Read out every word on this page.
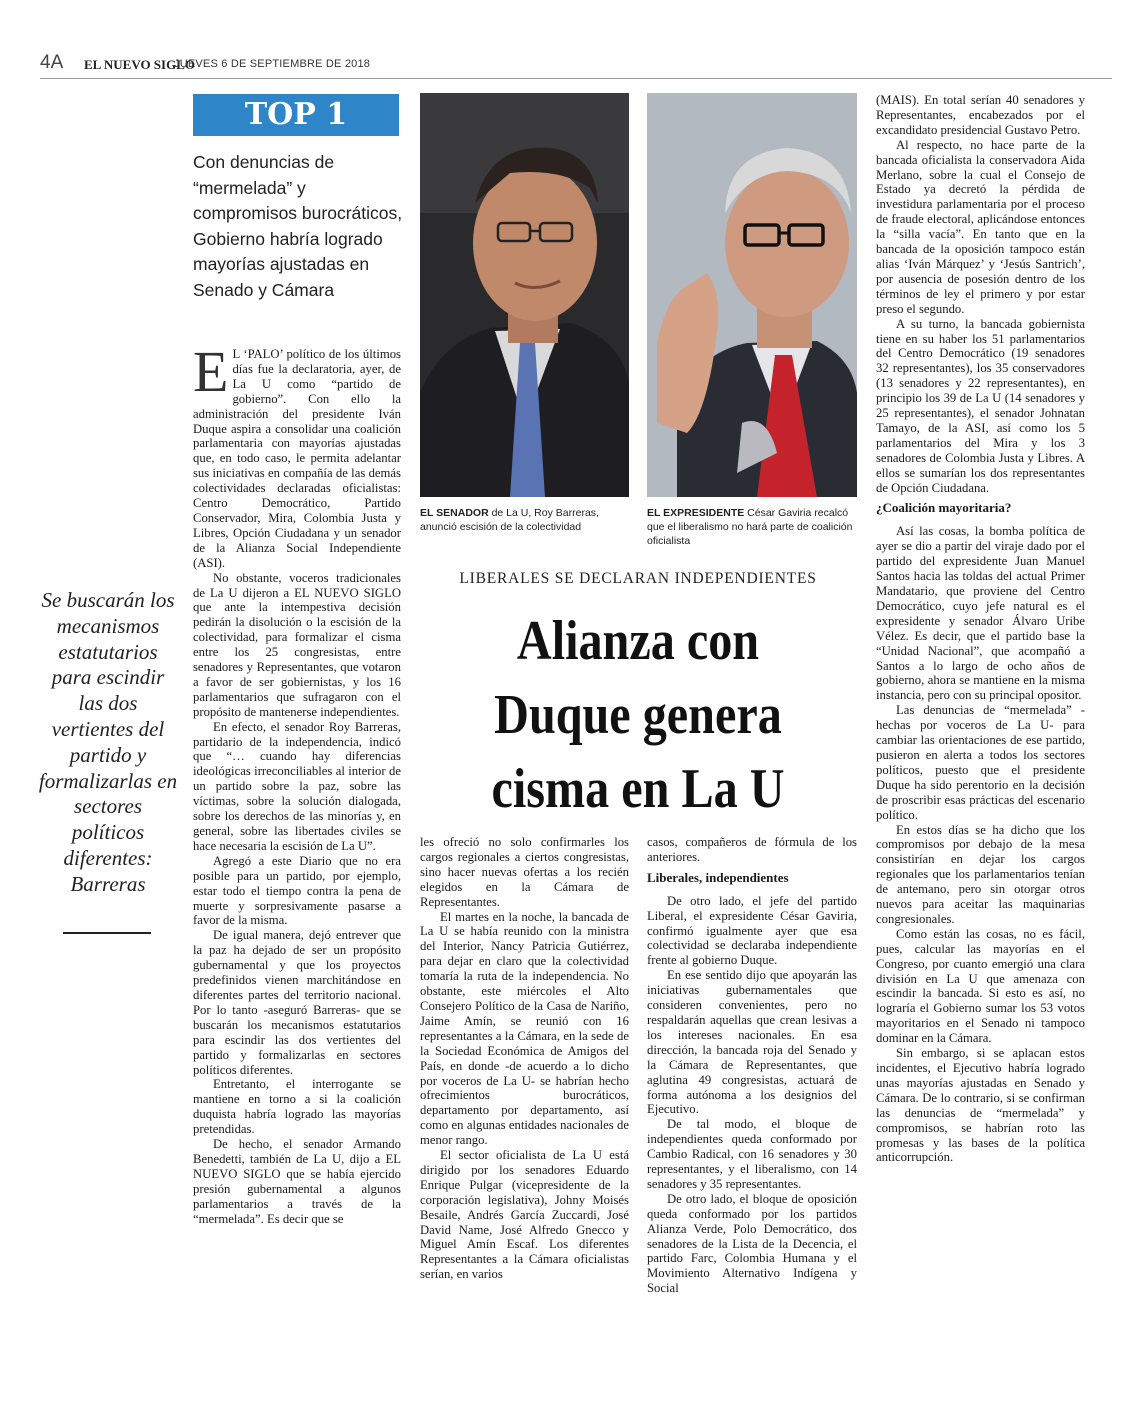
4A EL NUEVO SIGLO
JUEVES 6 DE SEPTIEMBRE DE 2018
TOP 1
Con denuncias de “mermelada” y compromisos burocráticos, Gobierno habría logrado mayorías ajustadas en Senado y Cámara

E L ‘PALO’ político de los últimos días fue la declaratoria, ayer, de La U como “partido de gobierno”. Con ello la administración del presidente Iván Duque aspira a consolidar una coalición parlamentaria con mayorías ajustadas que, en todo caso, le permita adelantar sus iniciativas en compañía de las demás colectividades declaradas oficialistas: Centro Democrático, Partido Conservador, Mira, Colombia Justa y Libres, Opción Ciudadana y un senador de la Alianza Social Independiente (ASI).

No obstante, voceros tradicionales de La U dijeron a EL NUEVO SIGLO que ante la intempestiva decisión pedirán la disolución o la escisión de la colectividad, para formalizar el cisma entre los 25 congresistas, entre senadores y Representantes, que votaron a favor de ser gobiernistas, y los 16 parlamentarios que sufragaron con el propósito de mantenerse independientes.

En efecto, el senador Roy Barreras, partidario de la independencia, indicó que “… cuando hay diferencias ideológicas irreconciliables al interior de un partido sobre la paz, sobre las víctimas, sobre la solución dialogada, sobre los derechos de las minorías y, en general, sobre las libertades civiles se hace necesaria la escisión de La U”.

Agregó a este Diario que no era posible para un partido, por ejemplo, estar todo el tiempo contra la pena de muerte y sorpresivamente pasarse a favor de la misma.

De igual manera, dejó entrever que la paz ha dejado de ser un propósito gubernamental y que los proyectos predefinidos vienen marchitándose en diferentes partes del territorio nacional. Por lo tanto -aseguró Barreras- que se buscarán los mecanismos estatutarios para escindir las dos vertientes del partido y formalizarlas en sectores políticos diferentes.

Entretanto, el interrogante se mantiene en torno a si la coalición duquista habría logrado las mayorías pretendidas.

De hecho, el senador Armando Benedetti, también de La U, dijo a EL NUEVO SIGLO que se había ejercido presión gubernamental a algunos parlamentarios a través de la “mermelada”. Es decir que se

Se buscarán los mecanismos estatutarios para escindir las dos vertientes del partido y formalizarlas en sectores políticos diferentes: Barreras
EL SENADOR de La U, Roy Barreras, anunció escisión de la colectividad
EL EXPRESIDENTE César Gaviria recalcó que el liberalismo no hará parte de coalición oficialista
LIBERALES SE DECLARAN INDEPENDIENTES
Alianza con Duque genera cisma en La U

les ofreció no solo confirmarles los cargos regionales a ciertos congresistas, sino hacer nuevas ofertas a los recién elegidos en la Cámara de Representantes.

El martes en la noche, la bancada de La U se había reunido con la ministra del Interior, Nancy Patricia Gutiérrez, para dejar en claro que la colectividad tomaría la ruta de la independencia. No obstante, este miércoles el Alto Consejero Político de la Casa de Nariño, Jaime Amín, se reunió con 16 representantes a la Cámara, en la sede de la Sociedad Económica de Amigos del País, en donde -de acuerdo a lo dicho por voceros de La U- se habrían hecho ofrecimientos burocráticos, departamento por departamento, así como en algunas entidades nacionales de menor rango.

El sector oficialista de La U está dirigido por los senadores Eduardo Enrique Pulgar (vicepresidente de la corporación legislativa), Johny Moisés Besaile, Andrés García Zuccardi, José David Name, José Alfredo Gnecco y Miguel Amín Escaf. Los diferentes Representantes a la Cámara oficialistas serían, en varios

casos, compañeros de fórmula de los anteriores.

Liberales, independientes

De otro lado, el jefe del partido Liberal, el expresidente César Gaviria, confirmó igualmente ayer que esa colectividad se declaraba independiente frente al gobierno Duque.

En ese sentido dijo que apoyarán las iniciativas gubernamentales que consideren convenientes, pero no respaldarán aquellas que crean lesivas a los intereses nacionales. En esa dirección, la bancada roja del Senado y la Cámara de Representantes, que aglutina 49 congresistas, actuará de forma autónoma a los designios del Ejecutivo.

De tal modo, el bloque de independientes queda conformado por Cambio Radical, con 16 senadores y 30 representantes, y el liberalismo, con 14 senadores y 35 representantes.

De otro lado, el bloque de oposición queda conformado por los partidos Alianza Verde, Polo Democrático, dos senadores de la Lista de la Decencia, el partido Farc, Colombia Humana y el Movimiento Alternativo Indígena y Social

(MAIS). En total serían 40 senadores y Representantes, encabezados por el excandidato presidencial Gustavo Petro.

Al respecto, no hace parte de la bancada oficialista la conservadora Aida Merlano, sobre la cual el Consejo de Estado ya decretó la pérdida de investidura parlamentaria por el proceso de fraude electoral, aplicándose entonces la “silla vacía”. En tanto que en la bancada de la oposición tampoco están alias ‘Iván Márquez’ y ‘Jesús Santrich’, por ausencia de posesión dentro de los términos de ley el primero y por estar preso el segundo.

A su turno, la bancada gobiernista tiene en su haber los 51 parlamentarios del Centro Democrático (19 senadores 32 representantes), los 35 conservadores (13 senadores y 22 representantes), en principio los 39 de La U (14 senadores y 25 representantes), el senador Johnatan Tamayo, de la ASI, así como los 5 parlamentarios del Mira y los 3 senadores de Colombia Justa y Libres. A ellos se sumarían los dos representantes de Opción Ciudadana.

¿Coalición mayoritaria?

Así las cosas, la bomba política de ayer se dio a partir del viraje dado por el partido del expresidente Juan Manuel Santos hacia las toldas del actual Primer Mandatario, que proviene del Centro Democrático, cuyo jefe natural es el expresidente y senador Álvaro Uribe Vélez. Es decir, que el partido base la “Unidad Nacional”, que acompañó a Santos a lo largo de ocho años de gobierno, ahora se mantiene en la misma instancia, pero con su principal opositor.

Las denuncias de “mermelada” -hechas por voceros de La U- para cambiar las orientaciones de ese partido, pusieron en alerta a todos los sectores políticos, puesto que el presidente Duque ha sido perentorio en la decisión de proscribir esas prácticas del escenario político.

En estos días se ha dicho que los compromisos por debajo de la mesa consistirían en dejar los cargos regionales que los parlamentarios tenían de antemano, pero sin otorgar otros nuevos para aceitar las maquinarias congresionales.

Como están las cosas, no es fácil, pues, calcular las mayorías en el Congreso, por cuanto emergió una clara división en La U que amenaza con escindir la bancada. Si esto es así, no lograría el Gobierno sumar los 53 votos mayoritarios en el Senado ni tampoco dominar en la Cámara.

Sin embargo, si se aplacan estos incidentes, el Ejecutivo habría logrado unas mayorías ajustadas en Senado y Cámara. De lo contrario, si se confirman las denuncias de “mermelada” y compromisos, se habrían roto las promesas y las bases de la política anticorrupción.
